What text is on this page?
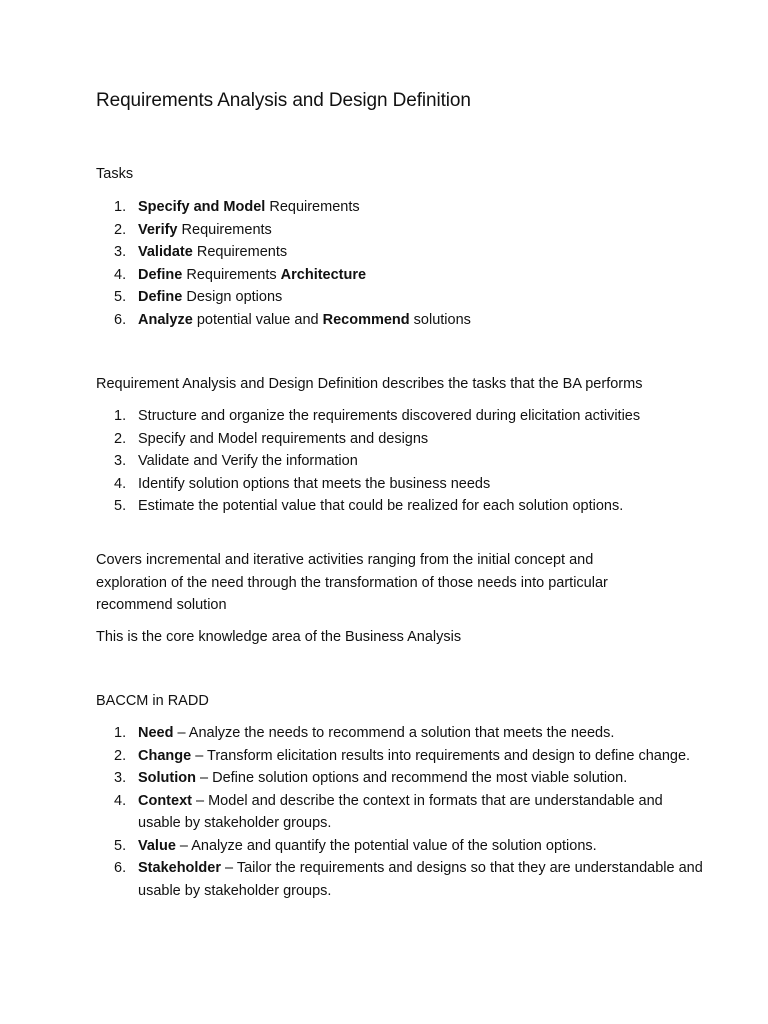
Requirements Analysis and Design Definition

Tasks

1. Specify and Model Requirements
2. Verify Requirements
3. Validate Requirements
4. Define Requirements Architecture
5. Define Design options
6. Analyze potential value and Recommend solutions

Requirement Analysis and Design Definition describes the tasks that the BA performs

1. Structure and organize the requirements discovered during elicitation activities
2. Specify and Model requirements and designs
3. Validate and Verify the information
4. Identify solution options that meets the business needs
5. Estimate the potential value that could be realized for each solution options.

Covers incremental and iterative activities ranging from the initial concept and
exploration of the need through the transformation of those needs into particular
recommend solution

This is the core knowledge area of the Business Analysis

BACCM in RADD

1. Need – Analyze the needs to recommend a solution that meets the needs.
2. Change – Transform elicitation results into requirements and design to define change.
3. Solution – Define solution options and recommend the most viable solution.
4. Context – Model and describe the context in formats that are understandable and usable by stakeholder groups.
5. Value – Analyze and quantify the potential value of the solution options.
6. Stakeholder – Tailor the requirements and designs so that they are understandable and usable by stakeholder groups.
